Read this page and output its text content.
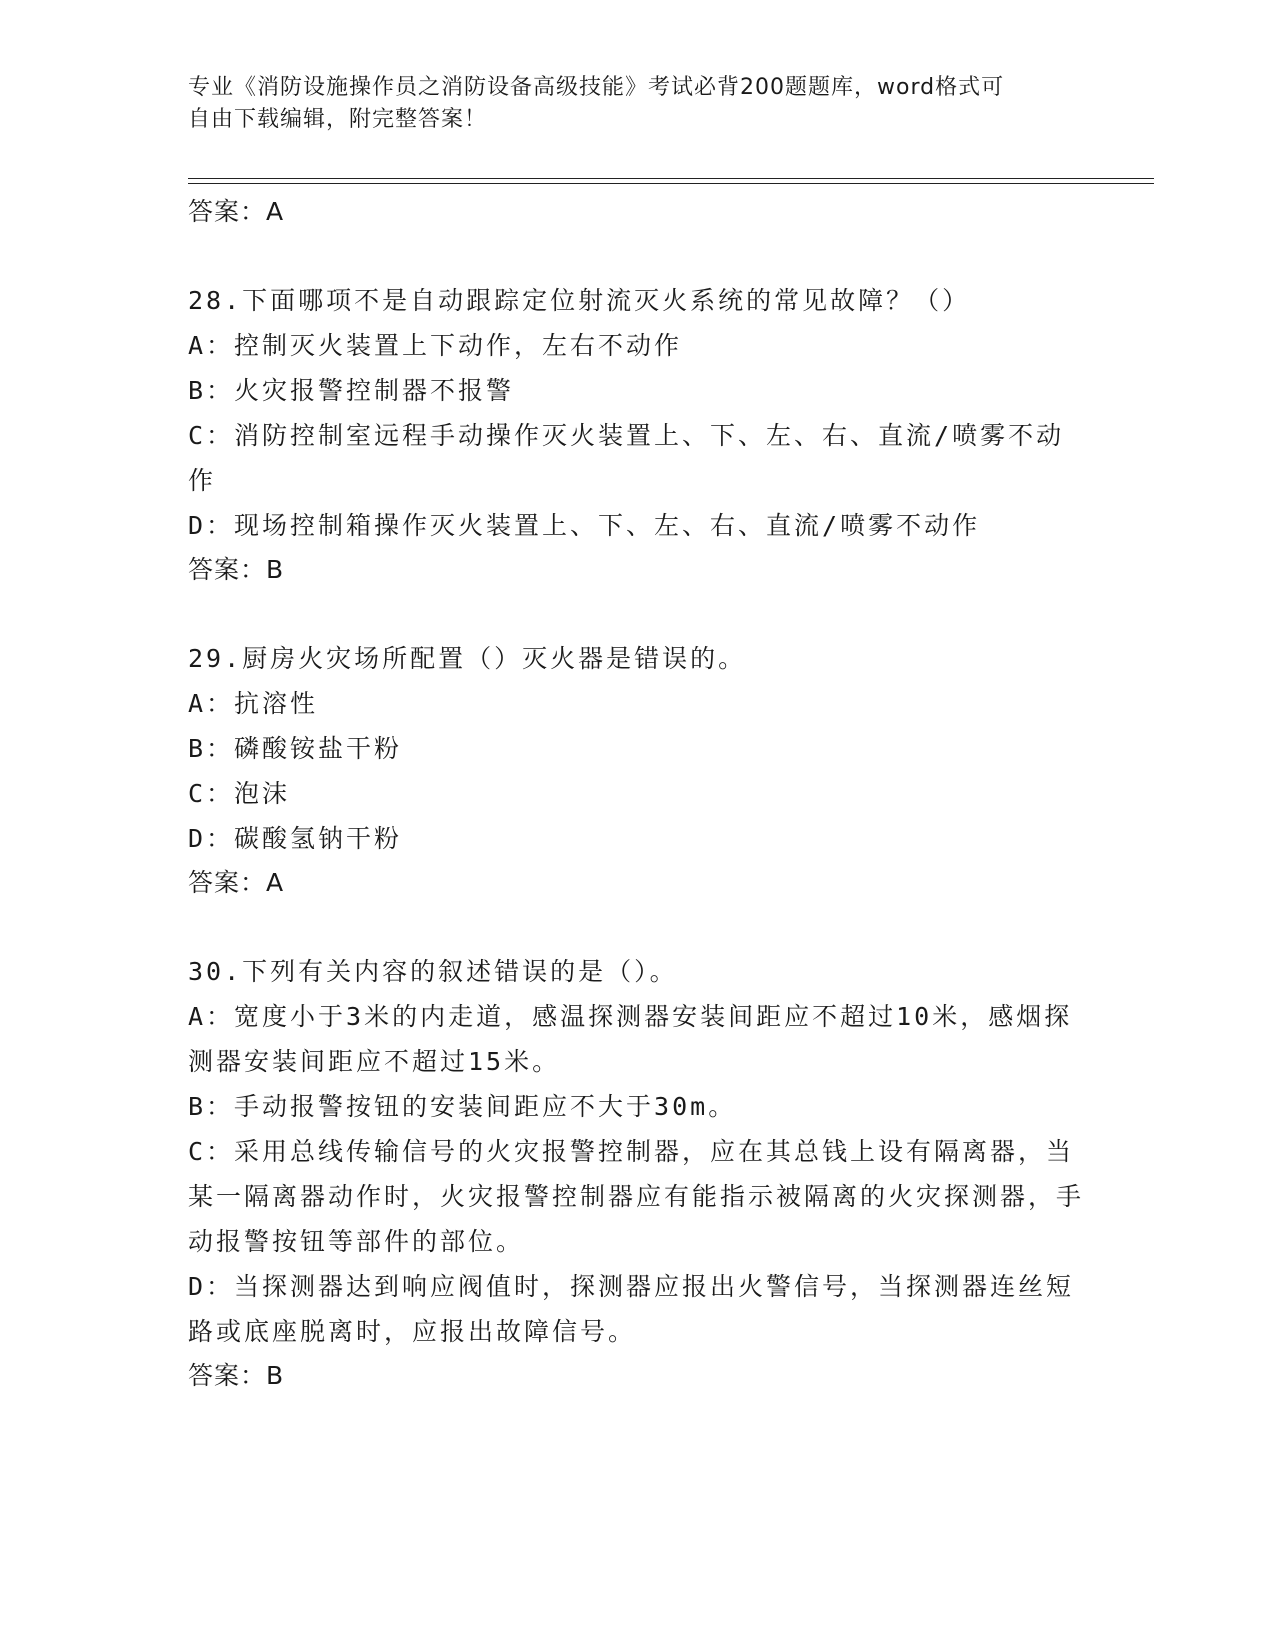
专业《消防设施操作员之消防设备高级技能》考试必背200题题库，word格式可
自由下载编辑，附完整答案！
答案：A
28.下面哪项不是自动跟踪定位射流灭火系统的常见故障？（）
A：控制灭火装置上下动作，左右不动作
B：火灾报警控制器不报警
C：消防控制室远程手动操作灭火装置上、下、左、右、直流/喷雾不动作
D：现场控制箱操作灭火装置上、下、左、右、直流/喷雾不动作
答案：B
29.厨房火灾场所配置（）灭火器是错误的。
A：抗溶性
B：磷酸铵盐干粉
C：泡沫
D：碳酸氢钠干粉
答案：A
30.下列有关内容的叙述错误的是（）。
A：宽度小于3米的内走道，感温探测器安装间距应不超过10米，感烟探测器安装间距应不超过15米。
B：手动报警按钮的安装间距应不大于30m。
C：采用总线传输信号的火灾报警控制器，应在其总钱上设有隔离器，当某一隔离器动作时，火灾报警控制器应有能指示被隔离的火灾探测器，手动报警按钮等部件的部位。
D：当探测器达到响应阀值时，探测器应报出火警信号，当探测器连丝短路或底座脱离时，应报出故障信号。
答案：B
